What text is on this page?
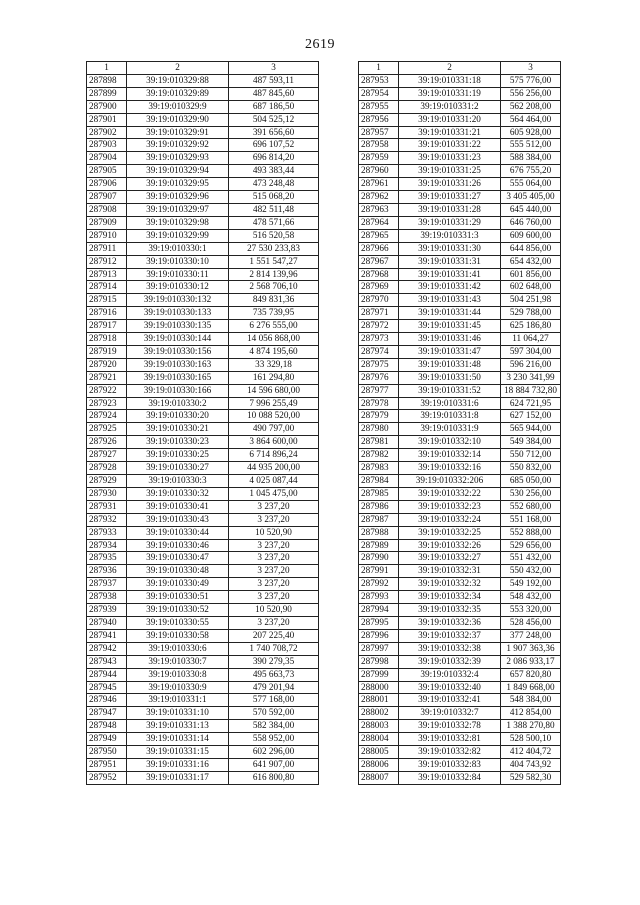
2619
1	2	3
287898	39:19:010329:88	487 593,11
287899	39:19:010329:89	487 845,60
287900	39:19:010329:9	687 186,50
287901	39:19:010329:90	504 525,12
287902	39:19:010329:91	391 656,60
287903	39:19:010329:92	696 107,52
287904	39:19:010329:93	696 814,20
287905	39:19:010329:94	493 383,44
287906	39:19:010329:95	473 248,48
287907	39:19:010329:96	515 068,20
287908	39:19:010329:97	482 511,48
287909	39:19:010329:98	478 571,66
287910	39:19:010329:99	516 520,58
287911	39:19:010330:1	27 530 233,83
287912	39:19:010330:10	1 551 547,27
287913	39:19:010330:11	2 814 139,96
287914	39:19:010330:12	2 568 706,10
287915	39:19:010330:132	849 831,36
287916	39:19:010330:133	735 739,95
287917	39:19:010330:135	6 276 555,00
287918	39:19:010330:144	14 056 868,00
287919	39:19:010330:156	4 874 195,60
287920	39:19:010330:163	33 329,18
287921	39:19:010330:165	161 294,80
287922	39:19:010330:166	14 596 680,00
287923	39:19:010330:2	7 996 255,49
287924	39:19:010330:20	10 088 520,00
287925	39:19:010330:21	490 797,00
287926	39:19:010330:23	3 864 600,00
287927	39:19:010330:25	6 714 896,24
287928	39:19:010330:27	44 935 200,00
287929	39:19:010330:3	4 025 087,44
287930	39:19:010330:32	1 045 475,00
287931	39:19:010330:41	3 237,20
287932	39:19:010330:43	3 237,20
287933	39:19:010330:44	10 520,90
287934	39:19:010330:46	3 237,20
287935	39:19:010330:47	3 237,20
287936	39:19:010330:48	3 237,20
287937	39:19:010330:49	3 237,20
287938	39:19:010330:51	3 237,20
287939	39:19:010330:52	10 520,90
287940	39:19:010330:55	3 237,20
287941	39:19:010330:58	207 225,40
287942	39:19:010330:6	1 740 708,72
287943	39:19:010330:7	390 279,35
287944	39:19:010330:8	495 663,73
287945	39:19:010330:9	479 201,94
287946	39:19:010331:1	577 168,00
287947	39:19:010331:10	570 592,00
287948	39:19:010331:13	582 384,00
287949	39:19:010331:14	558 952,00
287950	39:19:010331:15	602 296,00
287951	39:19:010331:16	641 907,00
287952	39:19:010331:17	616 800,80
1	2	3
287953	39:19:010331:18	575 776,00
287954	39:19:010331:19	556 256,00
287955	39:19:010331:2	562 208,00
287956	39:19:010331:20	564 464,00
287957	39:19:010331:21	605 928,00
287958	39:19:010331:22	555 512,00
287959	39:19:010331:23	588 384,00
287960	39:19:010331:25	676 755,20
287961	39:19:010331:26	555 064,00
287962	39:19:010331:27	3 405 405,00
287963	39:19:010331:28	645 440,00
287964	39:19:010331:29	646 760,00
287965	39:19:010331:3	609 600,00
287966	39:19:010331:30	644 856,00
287967	39:19:010331:31	654 432,00
287968	39:19:010331:41	601 856,00
287969	39:19:010331:42	602 648,00
287970	39:19:010331:43	504 251,98
287971	39:19:010331:44	529 788,00
287972	39:19:010331:45	625 186,80
287973	39:19:010331:46	11 064,27
287974	39:19:010331:47	597 304,00
287975	39:19:010331:48	596 216,00
287976	39:19:010331:50	3 230 341,99
287977	39:19:010331:52	18 884 732,80
287978	39:19:010331:6	624 721,95
287979	39:19:010331:8	627 152,00
287980	39:19:010331:9	565 944,00
287981	39:19:010332:10	549 384,00
287982	39:19:010332:14	550 712,00
287983	39:19:010332:16	550 832,00
287984	39:19:010332:206	685 050,00
287985	39:19:010332:22	530 256,00
287986	39:19:010332:23	552 680,00
287987	39:19:010332:24	551 168,00
287988	39:19:010332:25	552 888,00
287989	39:19:010332:26	529 656,00
287990	39:19:010332:27	551 432,00
287991	39:19:010332:31	550 432,00
287992	39:19:010332:32	549 192,00
287993	39:19:010332:34	548 432,00
287994	39:19:010332:35	553 320,00
287995	39:19:010332:36	528 456,00
287996	39:19:010332:37	377 248,00
287997	39:19:010332:38	1 907 363,36
287998	39:19:010332:39	2 086 933,17
287999	39:19:010332:4	657 820,80
288000	39:19:010332:40	1 849 668,00
288001	39:19:010332:41	548 384,00
288002	39:19:010332:7	412 854,00
288003	39:19:010332:78	1 388 270,80
288004	39:19:010332:81	528 500,10
288005	39:19:010332:82	412 404,72
288006	39:19:010332:83	404 743,92
288007	39:19:010332:84	529 582,30
